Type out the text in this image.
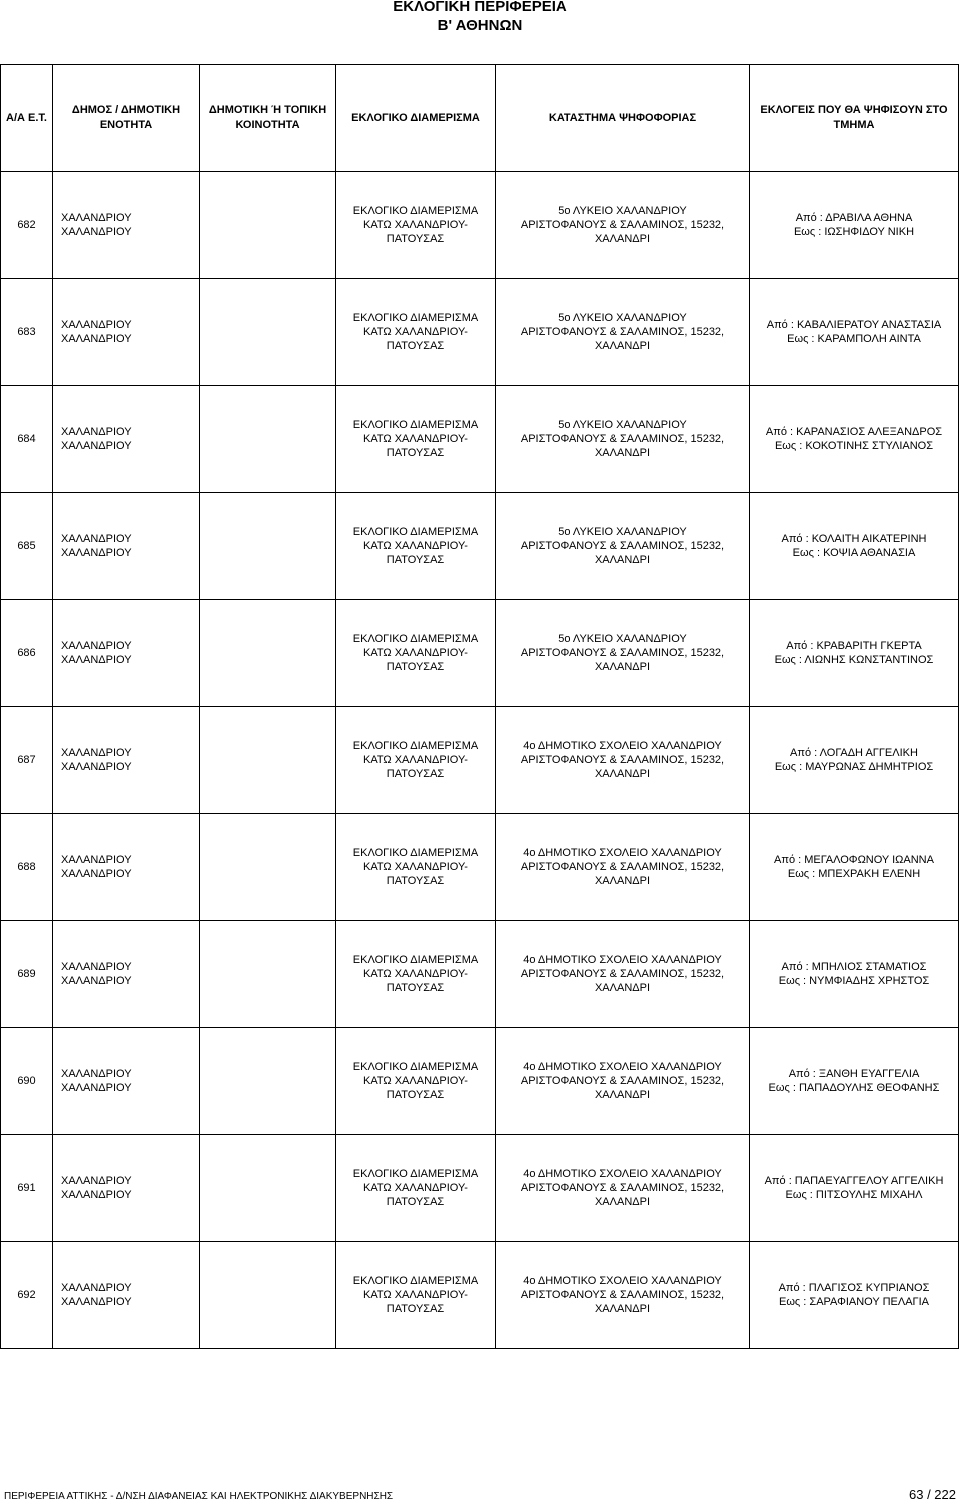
ΕΚΛΟΓΙΚΗ ΠΕΡΙΦΕΡΕΙΑ
Β' ΑΘΗΝΩΝ
Α/Α Ε.Τ.	ΔΗΜΟΣ / ΔΗΜΟΤΙΚΗ ΕΝΟΤΗΤΑ	ΔΗΜΟΤΙΚΗ Ή ΤΟΠΙΚΗ ΚΟΙΝΟΤΗΤΑ	ΕΚΛΟΓΙΚΟ ΔΙΑΜΕΡΙΣΜΑ	ΚΑΤΑΣΤΗΜΑ ΨΗΦΟΦΟΡΙΑΣ	ΕΚΛΟΓΕΙΣ ΠΟΥ ΘΑ ΨΗΦΙΣΟΥΝ ΣΤΟ ΤΜΗΜΑ
682	ΧΑΛΑΝΔΡΙΟΥ
ΧΑΛΑΝΔΡΙΟΥ		ΕΚΛΟΓΙΚΟ ΔΙΑΜΕΡΙΣΜΑ
ΚΑΤΩ ΧΑΛΑΝΔΡΙΟΥ-
ΠΑΤΟΥΣΑΣ	5ο ΛΥΚΕΙΟ ΧΑΛΑΝΔΡΙΟΥ
ΑΡΙΣΤΟΦΑΝΟΥΣ & ΣΑΛΑΜΙΝΟΣ, 15232,
ΧΑΛΑΝΔΡΙ	Από : ΔΡΑΒΙΛΑ ΑΘΗΝΑ
Εως : ΙΩΣΗΦΙΔΟΥ ΝΙΚΗ

683	ΧΑΛΑΝΔΡΙΟΥ
ΧΑΛΑΝΔΡΙΟΥ		ΕΚΛΟΓΙΚΟ ΔΙΑΜΕΡΙΣΜΑ
ΚΑΤΩ ΧΑΛΑΝΔΡΙΟΥ-
ΠΑΤΟΥΣΑΣ	5ο ΛΥΚΕΙΟ ΧΑΛΑΝΔΡΙΟΥ
ΑΡΙΣΤΟΦΑΝΟΥΣ & ΣΑΛΑΜΙΝΟΣ, 15232,
ΧΑΛΑΝΔΡΙ	Από : ΚΑΒΑΛΙΕΡΑΤΟΥ ΑΝΑΣΤΑΣΙΑ
Εως : ΚΑΡΑΜΠΟΛΗ ΑΙΝΤΑ

684	ΧΑΛΑΝΔΡΙΟΥ
ΧΑΛΑΝΔΡΙΟΥ		ΕΚΛΟΓΙΚΟ ΔΙΑΜΕΡΙΣΜΑ
ΚΑΤΩ ΧΑΛΑΝΔΡΙΟΥ-
ΠΑΤΟΥΣΑΣ	5ο ΛΥΚΕΙΟ ΧΑΛΑΝΔΡΙΟΥ
ΑΡΙΣΤΟΦΑΝΟΥΣ & ΣΑΛΑΜΙΝΟΣ, 15232,
ΧΑΛΑΝΔΡΙ	Από : ΚΑΡΑΝΑΣΙΟΣ ΑΛΕΞΑΝΔΡΟΣ
Εως : ΚΟΚΟΤΙΝΗΣ ΣΤΥΛΙΑΝΟΣ

685	ΧΑΛΑΝΔΡΙΟΥ
ΧΑΛΑΝΔΡΙΟΥ		ΕΚΛΟΓΙΚΟ ΔΙΑΜΕΡΙΣΜΑ
ΚΑΤΩ ΧΑΛΑΝΔΡΙΟΥ-
ΠΑΤΟΥΣΑΣ	5ο ΛΥΚΕΙΟ ΧΑΛΑΝΔΡΙΟΥ
ΑΡΙΣΤΟΦΑΝΟΥΣ & ΣΑΛΑΜΙΝΟΣ, 15232,
ΧΑΛΑΝΔΡΙ	Από : ΚΟΛΑΙΤΗ ΑΙΚΑΤΕΡΙΝΗ
Εως : ΚΟΨΙΑ ΑΘΑΝΑΣΙΑ

686	ΧΑΛΑΝΔΡΙΟΥ
ΧΑΛΑΝΔΡΙΟΥ		ΕΚΛΟΓΙΚΟ ΔΙΑΜΕΡΙΣΜΑ
ΚΑΤΩ ΧΑΛΑΝΔΡΙΟΥ-
ΠΑΤΟΥΣΑΣ	5ο ΛΥΚΕΙΟ ΧΑΛΑΝΔΡΙΟΥ
ΑΡΙΣΤΟΦΑΝΟΥΣ & ΣΑΛΑΜΙΝΟΣ, 15232,
ΧΑΛΑΝΔΡΙ	Από : ΚΡΑΒΑΡΙΤΗ ΓΚΕΡΤΑ
Εως : ΛΙΩΝΗΣ ΚΩΝΣΤΑΝΤΙΝΟΣ

687	ΧΑΛΑΝΔΡΙΟΥ
ΧΑΛΑΝΔΡΙΟΥ		ΕΚΛΟΓΙΚΟ ΔΙΑΜΕΡΙΣΜΑ
ΚΑΤΩ ΧΑΛΑΝΔΡΙΟΥ-
ΠΑΤΟΥΣΑΣ	4ο ΔΗΜΟΤΙΚΟ ΣΧΟΛΕΙΟ ΧΑΛΑΝΔΡΙΟΥ
ΑΡΙΣΤΟΦΑΝΟΥΣ & ΣΑΛΑΜΙΝΟΣ, 15232,
ΧΑΛΑΝΔΡΙ	Από : ΛΟΓΑΔΗ ΑΓΓΕΛΙΚΗ
Εως : ΜΑΥΡΩΝΑΣ ΔΗΜΗΤΡΙΟΣ

688	ΧΑΛΑΝΔΡΙΟΥ
ΧΑΛΑΝΔΡΙΟΥ		ΕΚΛΟΓΙΚΟ ΔΙΑΜΕΡΙΣΜΑ
ΚΑΤΩ ΧΑΛΑΝΔΡΙΟΥ-
ΠΑΤΟΥΣΑΣ	4ο ΔΗΜΟΤΙΚΟ ΣΧΟΛΕΙΟ ΧΑΛΑΝΔΡΙΟΥ
ΑΡΙΣΤΟΦΑΝΟΥΣ & ΣΑΛΑΜΙΝΟΣ, 15232,
ΧΑΛΑΝΔΡΙ	Από : ΜΕΓΑΛΟΦΩΝΟΥ ΙΩΑΝΝΑ
Εως : ΜΠΕΧΡΑΚΗ ΕΛΕΝΗ

689	ΧΑΛΑΝΔΡΙΟΥ
ΧΑΛΑΝΔΡΙΟΥ		ΕΚΛΟΓΙΚΟ ΔΙΑΜΕΡΙΣΜΑ
ΚΑΤΩ ΧΑΛΑΝΔΡΙΟΥ-
ΠΑΤΟΥΣΑΣ	4ο ΔΗΜΟΤΙΚΟ ΣΧΟΛΕΙΟ ΧΑΛΑΝΔΡΙΟΥ
ΑΡΙΣΤΟΦΑΝΟΥΣ & ΣΑΛΑΜΙΝΟΣ, 15232,
ΧΑΛΑΝΔΡΙ	Από : ΜΠΗΛΙΟΣ ΣΤΑΜΑΤΙΟΣ
Εως : ΝΥΜΦΙΑΔΗΣ ΧΡΗΣΤΟΣ

690	ΧΑΛΑΝΔΡΙΟΥ
ΧΑΛΑΝΔΡΙΟΥ		ΕΚΛΟΓΙΚΟ ΔΙΑΜΕΡΙΣΜΑ
ΚΑΤΩ ΧΑΛΑΝΔΡΙΟΥ-
ΠΑΤΟΥΣΑΣ	4ο ΔΗΜΟΤΙΚΟ ΣΧΟΛΕΙΟ ΧΑΛΑΝΔΡΙΟΥ
ΑΡΙΣΤΟΦΑΝΟΥΣ & ΣΑΛΑΜΙΝΟΣ, 15232,
ΧΑΛΑΝΔΡΙ	Από : ΞΑΝΘΗ ΕΥΑΓΓΕΛΙΑ
Εως : ΠΑΠΑΔΟΥΛΗΣ ΘΕΟΦΑΝΗΣ

691	ΧΑΛΑΝΔΡΙΟΥ
ΧΑΛΑΝΔΡΙΟΥ		ΕΚΛΟΓΙΚΟ ΔΙΑΜΕΡΙΣΜΑ
ΚΑΤΩ ΧΑΛΑΝΔΡΙΟΥ-
ΠΑΤΟΥΣΑΣ	4ο ΔΗΜΟΤΙΚΟ ΣΧΟΛΕΙΟ ΧΑΛΑΝΔΡΙΟΥ
ΑΡΙΣΤΟΦΑΝΟΥΣ & ΣΑΛΑΜΙΝΟΣ, 15232,
ΧΑΛΑΝΔΡΙ	Από : ΠΑΠΑΕΥΑΓΓΕΛΟΥ ΑΓΓΕΛΙΚΗ
Εως : ΠΙΤΣΟΥΛΗΣ ΜΙΧΑΗΛ

692	ΧΑΛΑΝΔΡΙΟΥ
ΧΑΛΑΝΔΡΙΟΥ		ΕΚΛΟΓΙΚΟ ΔΙΑΜΕΡΙΣΜΑ
ΚΑΤΩ ΧΑΛΑΝΔΡΙΟΥ-
ΠΑΤΟΥΣΑΣ	4ο ΔΗΜΟΤΙΚΟ ΣΧΟΛΕΙΟ ΧΑΛΑΝΔΡΙΟΥ
ΑΡΙΣΤΟΦΑΝΟΥΣ & ΣΑΛΑΜΙΝΟΣ, 15232,
ΧΑΛΑΝΔΡΙ	Από : ΠΛΑΓΙΣΟΣ ΚΥΠΡΙΑΝΟΣ
Εως : ΣΑΡΑΦΙΑΝΟΥ ΠΕΛΑΓΙΑ
ΠΕΡΙΦΕΡΕΙΑ ΑΤΤΙΚΗΣ - Δ/ΝΣΗ ΔΙΑΦΑΝΕΙΑΣ ΚΑΙ ΗΛΕΚΤΡΟΝΙΚΗΣ ΔΙΑΚΥΒΕΡΝΗΣΗΣ	63 / 222
